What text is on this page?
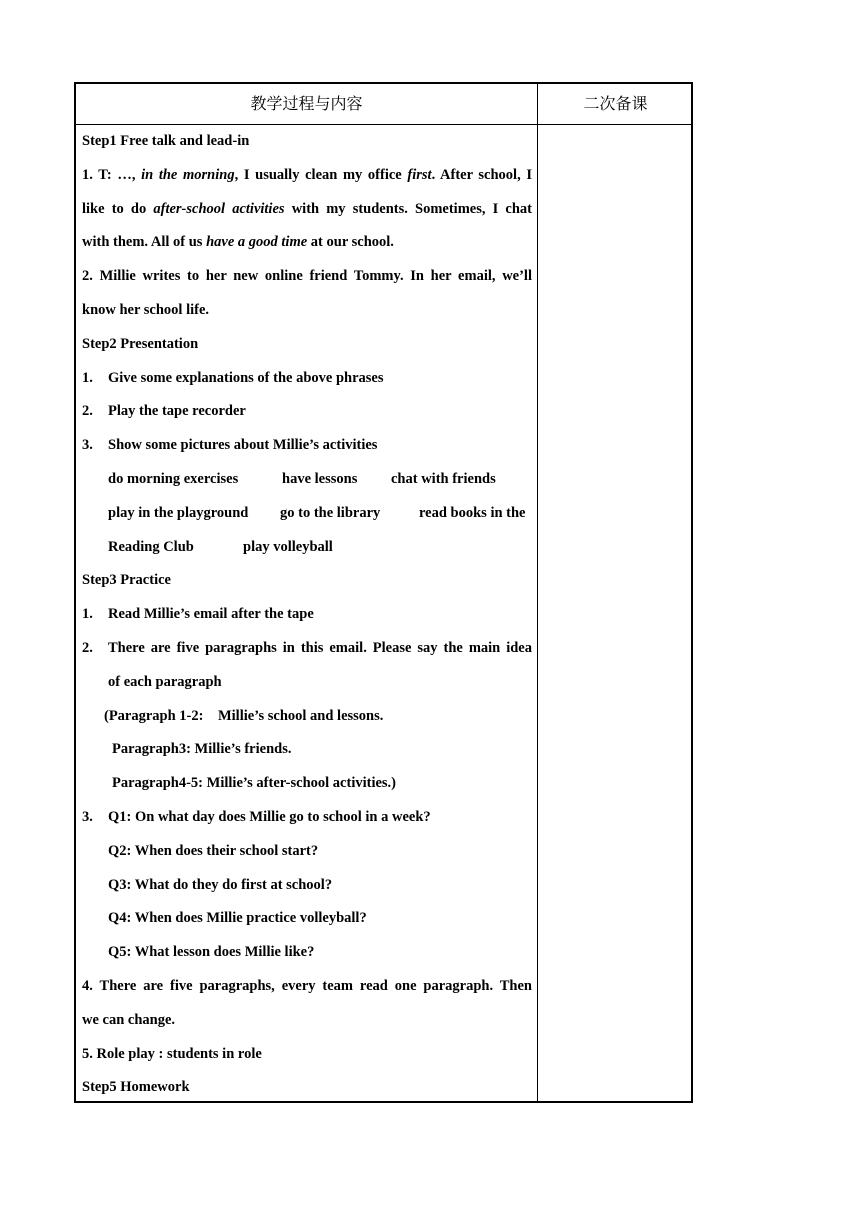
教学过程与内容	二次备课
Step1 Free talk and lead-in
1. T: …, in the morning, I usually clean my office first. After school, I
like to do after-school activities with my students. Sometimes, I chat
with them. All of us have a good time at our school.
2. Millie writes to her new online friend Tommy. In her email, we’ll
know her school life.
Step2 Presentation
1. Give some explanations of the above phrases
2. Play the tape recorder
3. Show some pictures about Millie’s activities
do morning exercises	have lessons chat with friends
play in the playground go to the library	read books in the
Reading Club	play volleyball
Step3 Practice
1. Read Millie’s email after the tape
2. There are five paragraphs in this email. Please say the main idea
of each paragraph
(Paragraph 1-2:    Millie’s school and lessons.
Paragraph3: Millie’s friends.
Paragraph4-5: Millie’s after-school activities.)
3. Q1: On what day does Millie go to school in a week?
Q2: When does their school start?
Q3: What do they do first at school?
Q4: When does Millie practice volleyball?
Q5: What lesson does Millie like?
4. There are five paragraphs, every team read one paragraph. Then
we can change.
5. Role play : students in role
Step5 Homework
